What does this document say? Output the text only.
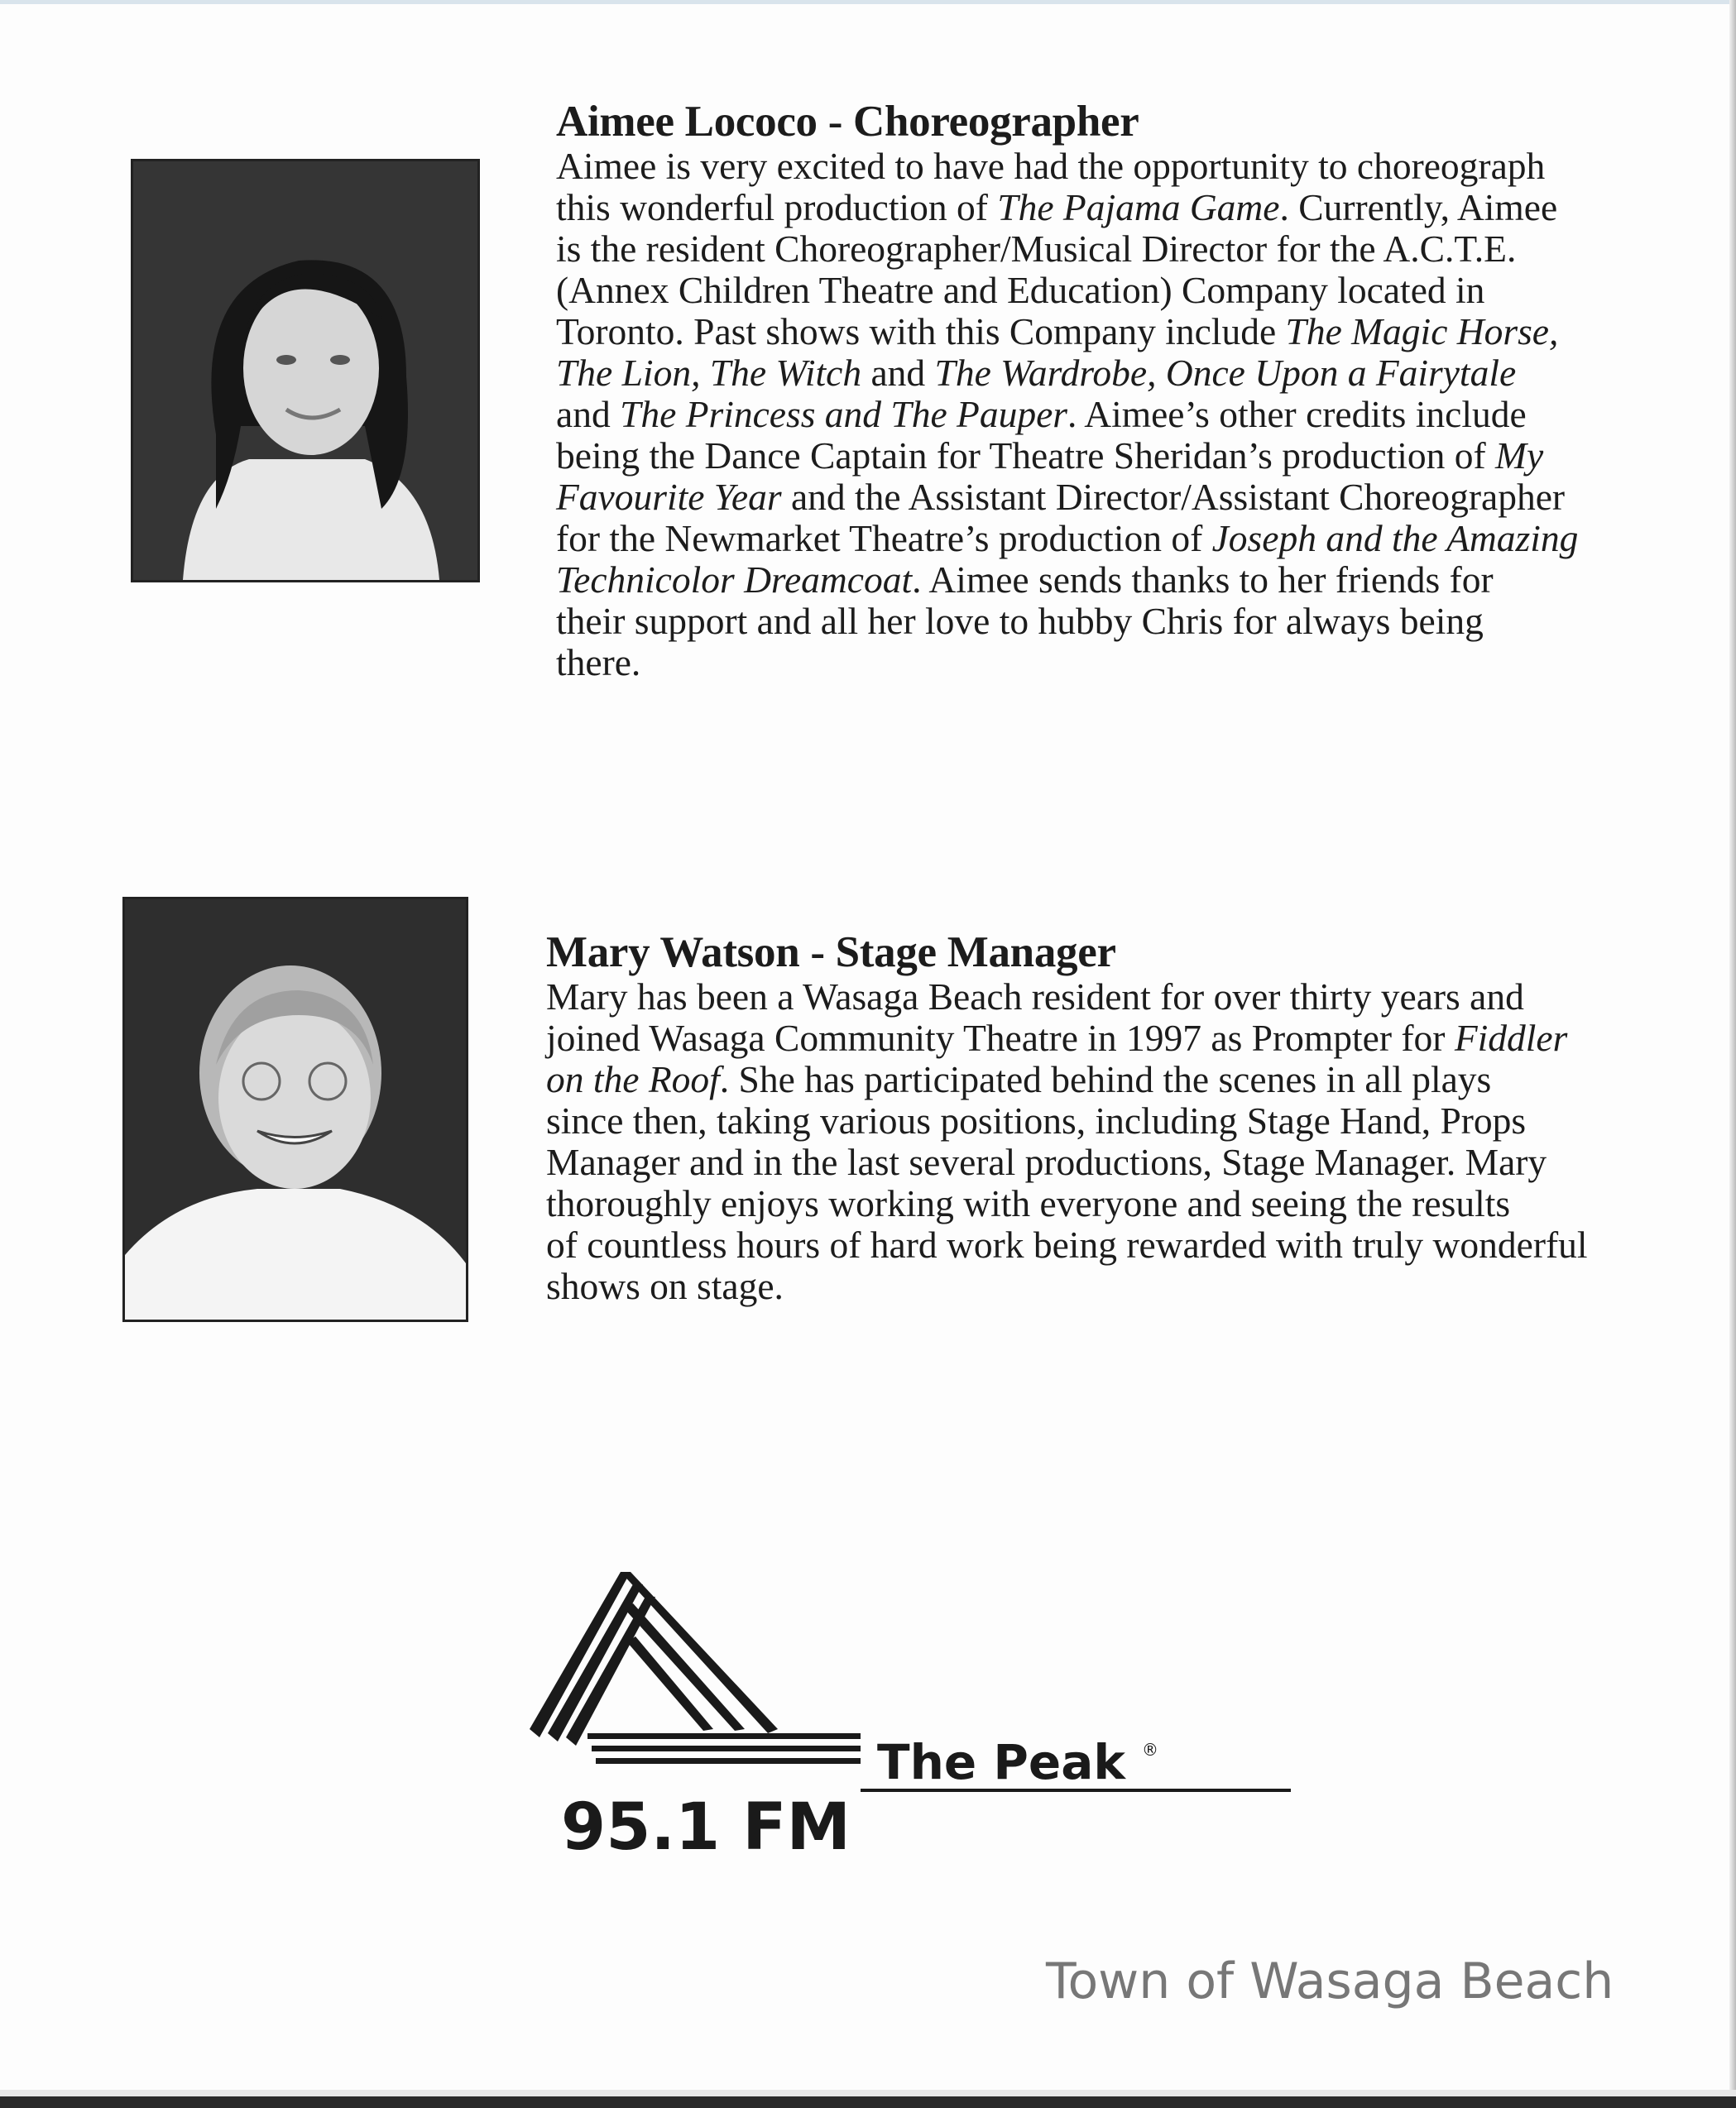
Aimee Lococo - Choreographer
Aimee is very excited to have had the opportunity to choreograph
this wonderful production of The Pajama Game. Currently, Aimee
is the resident Choreographer/Musical Director for the A.C.T.E.
(Annex Children Theatre and Education) Company located in
Toronto. Past shows with this Company include The Magic Horse,
The Lion, The Witch and The Wardrobe, Once Upon a Fairytale
and The Princess and The Pauper. Aimee’s other credits include
being the Dance Captain for Theatre Sheridan’s production of My
Favourite Year and the Assistant Director/Assistant Choreographer
for the Newmarket Theatre’s production of Joseph and the Amazing
Technicolor Dreamcoat. Aimee sends thanks to her friends for
their support and all her love to hubby Chris for always being
there.
Mary Watson - Stage Manager
Mary has been a Wasaga Beach resident for over thirty years and
joined Wasaga Community Theatre in 1997 as Prompter for Fiddler
on the Roof. She has participated behind the scenes in all plays
since then, taking various positions, including Stage Hand, Props
Manager and in the last several productions, Stage Manager. Mary
thoroughly enjoys working with everyone and seeing the results
of countless hours of hard work being rewarded with truly wonderful
shows on stage.
The Peak ®
95.1 FM
Town of Wasaga Beach
